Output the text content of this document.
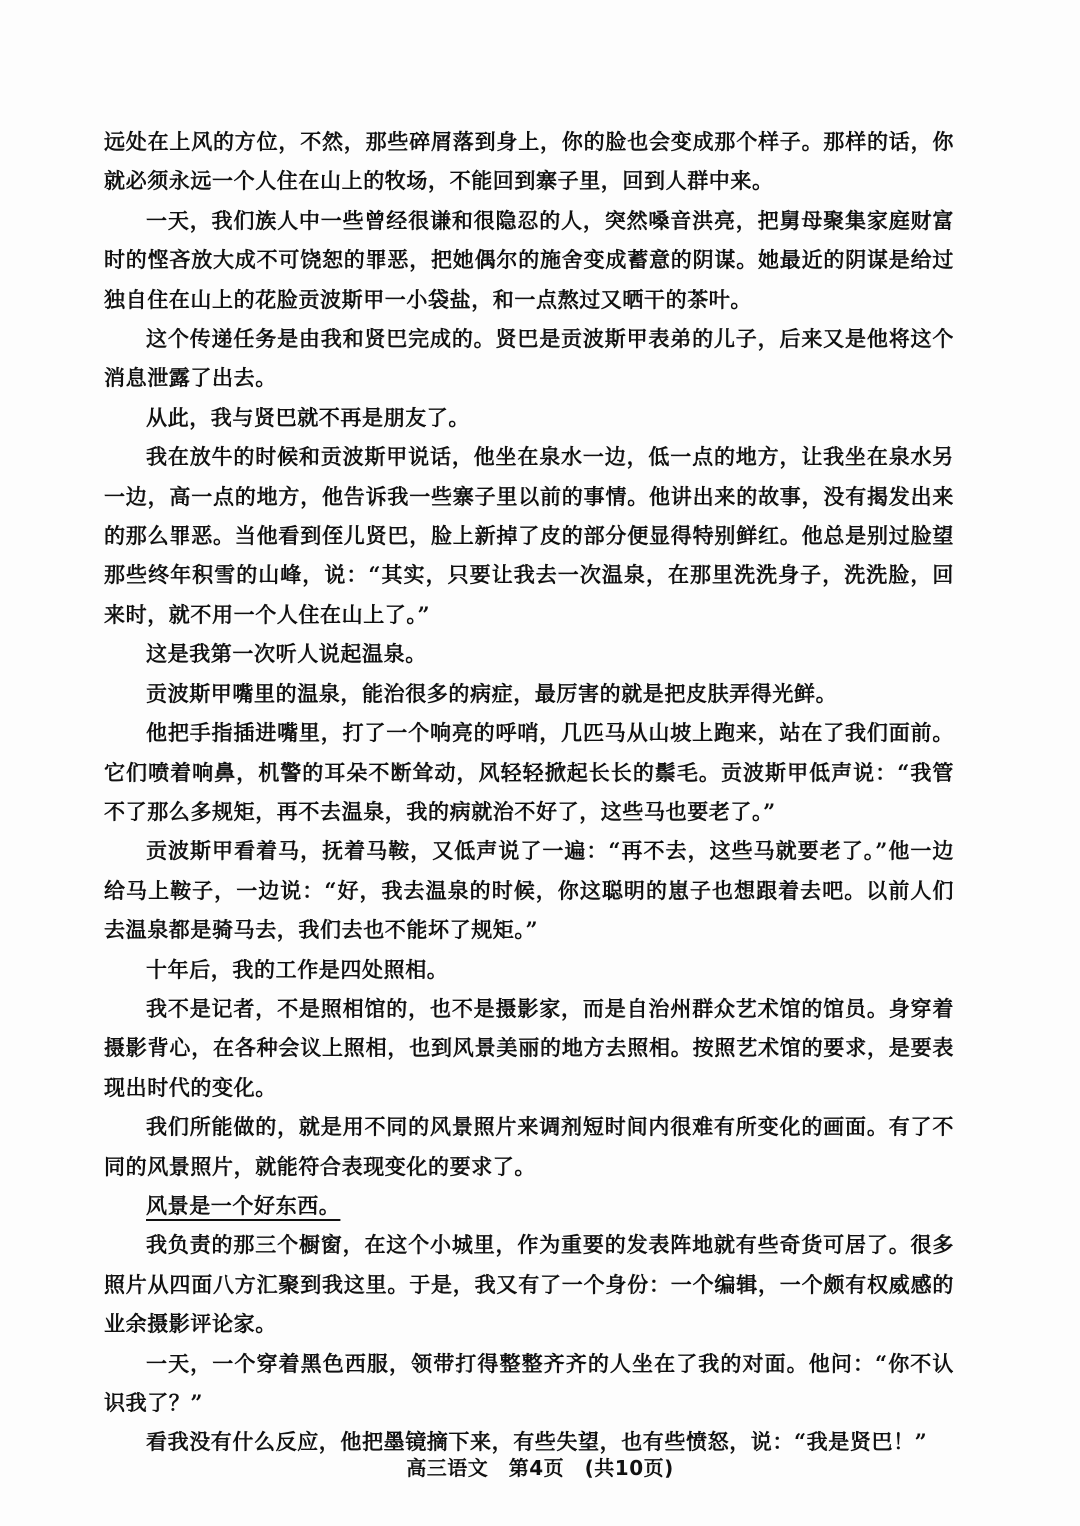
远处在上风的方位，不然，那些碎屑落到身上，你的脸也会变成那个样子。那样的话，你就必须永远一个人住在山上的牧场，不能回到寨子里，回到人群中来。

一天，我们族人中一些曾经很谦和很隐忍的人，突然嗓音洪亮，把舅母聚集家庭财富时的悭吝放大成不可饶恕的罪恶，把她偶尔的施舍变成蓄意的阴谋。她最近的阴谋是给过独自住在山上的花脸贡波斯甲一小袋盐，和一点熬过又晒干的茶叶。

这个传递任务是由我和贤巴完成的。贤巴是贡波斯甲表弟的儿子，后来又是他将这个消息泄露了出去。

从此，我与贤巴就不再是朋友了。

我在放牛的时候和贡波斯甲说话，他坐在泉水一边，低一点的地方，让我坐在泉水另一边，高一点的地方，他告诉我一些寨子里以前的事情。他讲出来的故事，没有揭发出来的那么罪恶。当他看到侄儿贤巴，脸上新掉了皮的部分便显得特别鲜红。他总是别过脸望那些终年积雪的山峰，说：“其实，只要让我去一次温泉，在那里洗洗身子，洗洗脸，回来时，就不用一个人住在山上了。”

这是我第一次听人说起温泉。

贡波斯甲嘴里的温泉，能治很多的病症，最厉害的就是把皮肤弄得光鲜。

他把手指插进嘴里，打了一个响亮的呼哨，几匹马从山坡上跑来，站在了我们面前。它们喷着响鼻，机警的耳朵不断耸动，风轻轻掀起长长的鬃毛。贡波斯甲低声说：“我管不了那么多规矩，再不去温泉，我的病就治不好了，这些马也要老了。”

贡波斯甲看着马，抚着马鞍，又低声说了一遍：“再不去，这些马就要老了。”他一边给马上鞍子，一边说：“好，我去温泉的时候，你这聪明的崽子也想跟着去吧。以前人们去温泉都是骑马去，我们去也不能坏了规矩。”

十年后，我的工作是四处照相。

我不是记者，不是照相馆的，也不是摄影家，而是自治州群众艺术馆的馆员。身穿着摄影背心，在各种会议上照相，也到风景美丽的地方去照相。按照艺术馆的要求，是要表现出时代的变化。

我们所能做的，就是用不同的风景照片来调剂短时间内很难有所变化的画面。有了不同的风景照片，就能符合表现变化的要求了。

风景是一个好东西。

我负责的那三个橱窗，在这个小城里，作为重要的发表阵地就有些奇货可居了。很多照片从四面八方汇聚到我这里。于是，我又有了一个身份：一个编辑，一个颇有权威感的业余摄影评论家。

一天，一个穿着黑色西服，领带打得整整齐齐的人坐在了我的对面。他问：“你不认识我了？”

看我没有什么反应，他把墨镜摘下来，有些失望，也有些愤怒，说：“我是贤巴！”

高三语文　第4页　(共10页)
